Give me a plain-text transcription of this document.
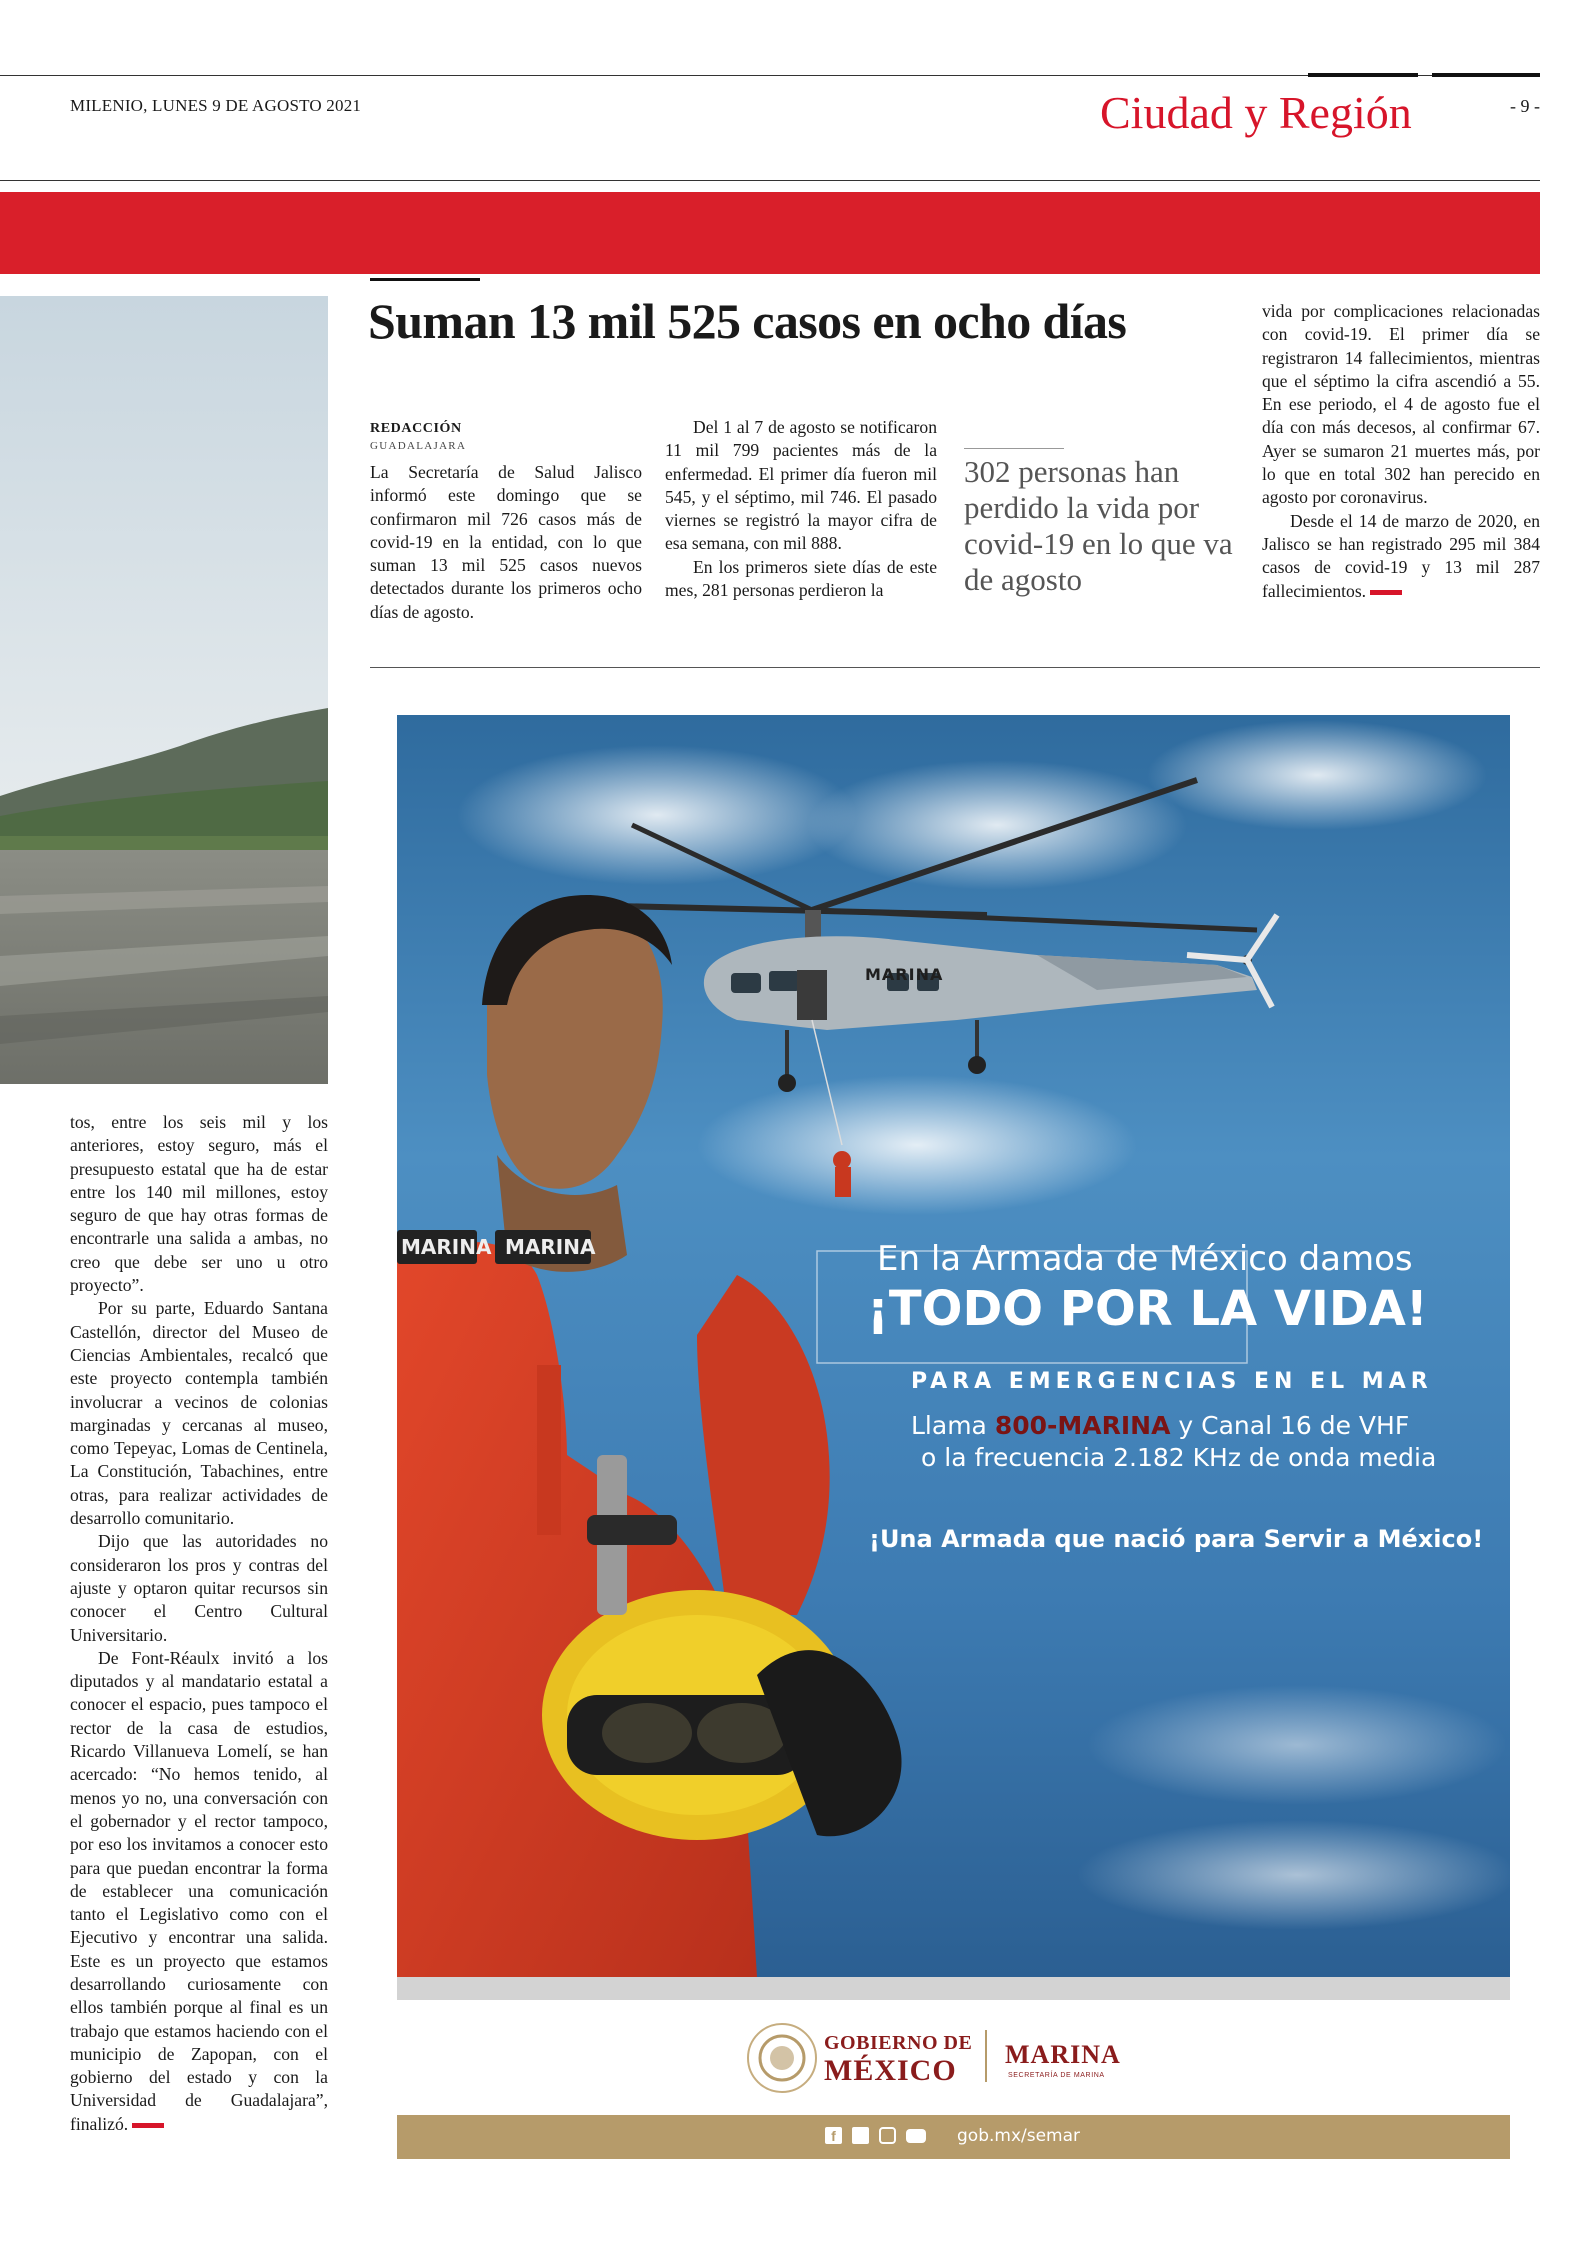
MILENIO, LUNES 9 DE AGOSTO 2021	Ciudad y Región	- 9 -
Suman 13 mil 525 casos en ocho días
REDACCIÓN
GUADALAJARA

La Secretaría de Salud Jalisco informó este domingo que se confirmaron mil 726 casos más de covid-19 en la entidad, con lo que suman 13 mil 525 casos nuevos detectados durante los primeros ocho días de agosto.

Del 1 al 7 de agosto se notificaron 11 mil 799 pacientes más de la enfermedad. El primer día fueron mil 545, y el séptimo, mil 746. El pasado viernes se registró la mayor cifra de esa semana, con mil 888.

En los primeros siete días de este mes, 281 personas perdieron la

302 personas han perdido la vida por covid-19 en lo que va de agosto

vida por complicaciones relacionadas con covid-19. El primer día se registraron 14 fallecimientos, mientras que el séptimo la cifra ascendió a 55. En ese periodo, el 4 de agosto fue el día con más decesos, al confirmar 67. Ayer se sumaron 21 muertes más, por lo que en total 302 han perecido en agosto por coronavirus.

Desde el 14 de marzo de 2020, en Jalisco se han registrado 295 mil 384 casos de covid-19 y 13 mil 287 fallecimientos.

tos, entre los seis mil y los anteriores, estoy seguro, más el presupuesto estatal que ha de estar entre los 140 mil millones, estoy seguro de que hay otras formas de encontrarle una salida a ambas, no creo que debe ser uno u otro proyecto”.

Por su parte, Eduardo Santana Castellón, director del Museo de Ciencias Ambientales, recalcó que este proyecto contempla también involucrar a vecinos de colonias marginadas y cercanas al museo, como Tepeyac, Lomas de Centinela, La Constitución, Tabachines, entre otras, para realizar actividades de desarrollo comunitario.

Dijo que las autoridades no consideraron los pros y contras del ajuste y optaron quitar recursos sin conocer el Centro Cultural Universitario.

De Font-Réaulx invitó a los diputados y al mandatario estatal a conocer el espacio, pues tampoco el rector de la casa de estudios, Ricardo Villanueva Lomelí, se han acercado: “No hemos tenido, al menos yo no, una conversación con el gobernador y el rector tampoco, por eso los invitamos a conocer esto para que puedan encontrar la forma de establecer una comunicación tanto el Legislativo como con el Ejecutivo y encontrar una salida. Este es un proyecto que estamos desarrollando curiosamente con ellos también porque al final es un trabajo que estamos haciendo con el municipio de Zapopan, con el gobierno del estado y con la Universidad de Guadalajara”, finalizó.

En la Armada de México damos
¡TODO POR LA VIDA!
PARA EMERGENCIAS EN EL MAR
Llama 800-MARINA y Canal 16 de VHF
o la frecuencia 2.182 KHz de onda media
¡Una Armada que nació para Servir a México!
MARINA
MARINA MARINA
GOBIERNO DE
MÉXICO MARINA
SECRETARÍA DE MARINA
f	gob.mx/semar
